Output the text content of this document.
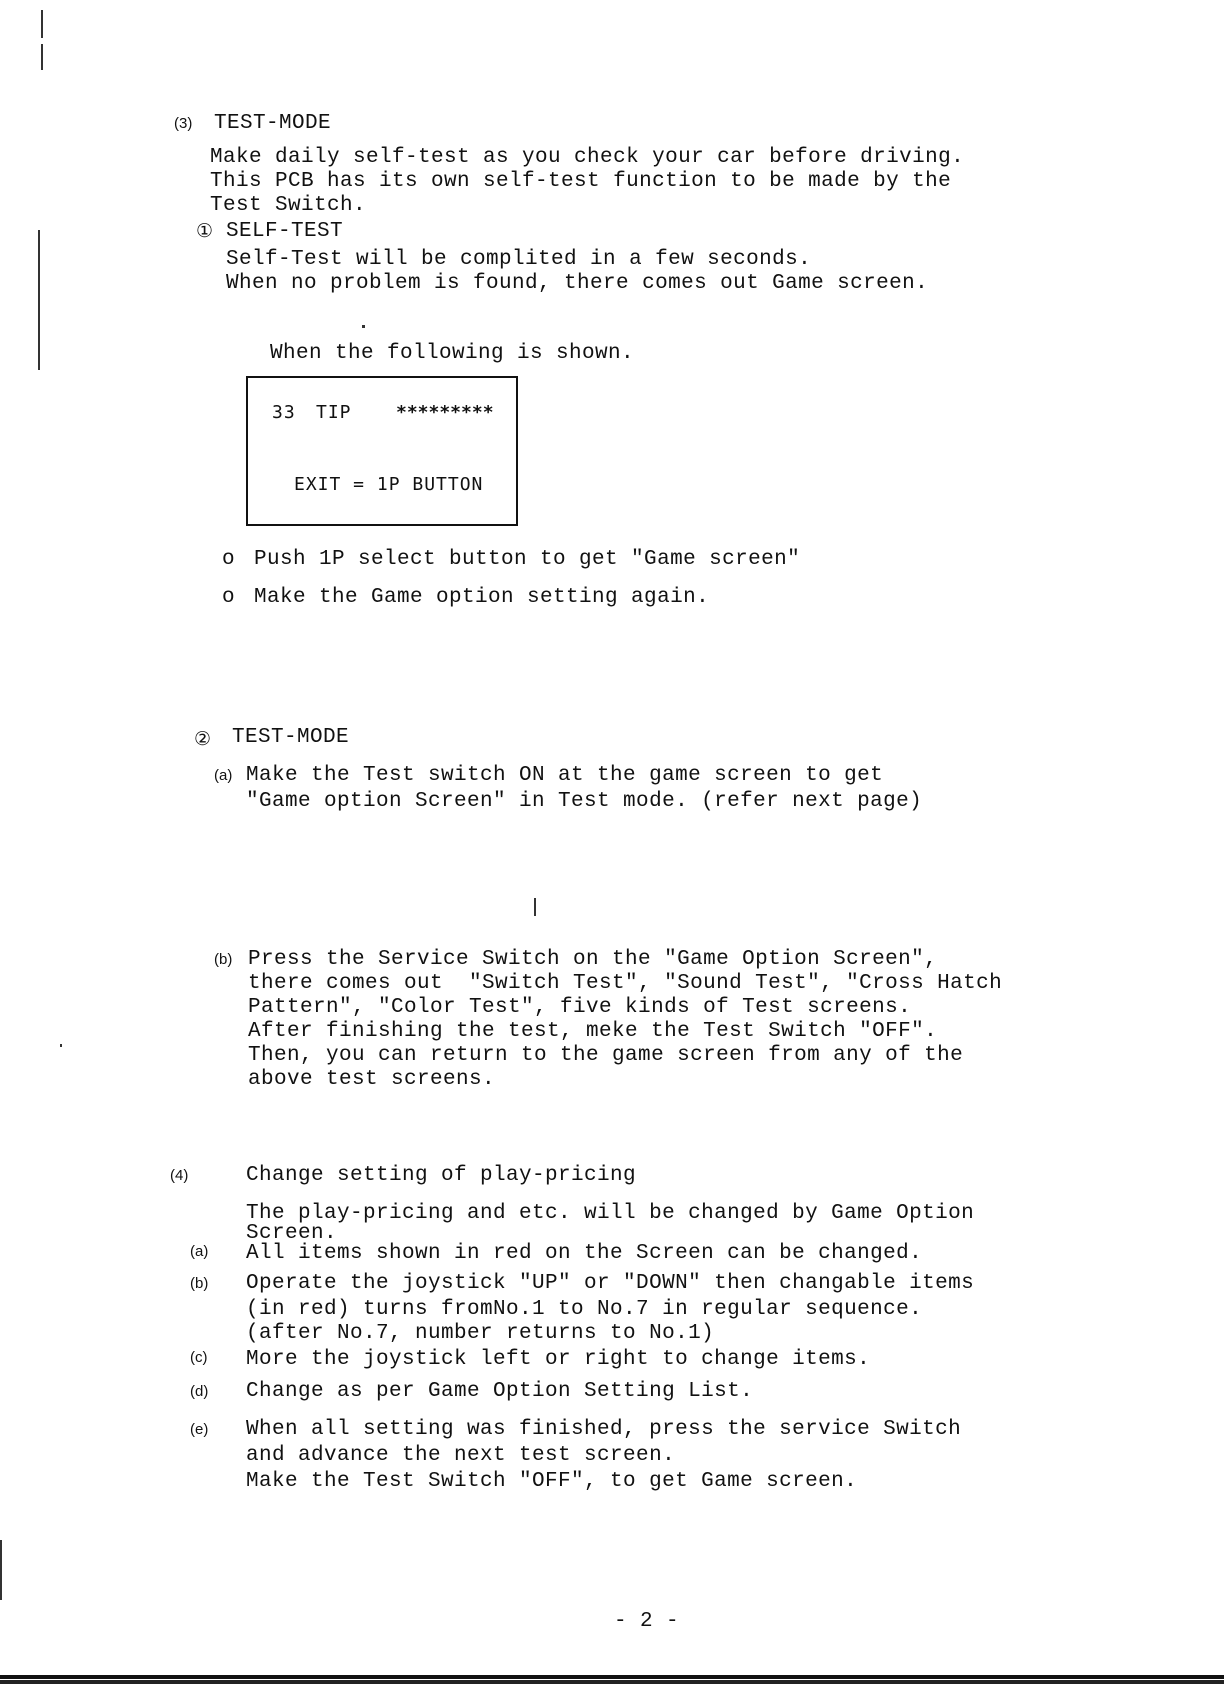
(3) TEST-MODE
Make daily self-test as you check your car before driving.
This PCB has its own self-test function to be made by the
Test Switch.
① SELF-TEST
Self-Test will be complited in a few seconds.
When no problem is found, there comes out Game screen.
When the following is shown.
33 TIP *********
EXIT = 1P BUTTON
o Push 1P select button to get "Game screen"
o Make the Game option setting again.
② TEST-MODE
(a) Make the Test switch ON at the game screen to get
"Game option Screen" in Test mode. (refer next page)
(b) Press the Service Switch on the "Game Option Screen",
there comes out  "Switch Test", "Sound Test", "Cross Hatch
Pattern", "Color Test", five kinds of Test screens.
After finishing the test, meke the Test Switch "OFF".
Then, you can return to the game screen from any of the
above test screens.
(4)	Change setting of play-pricing
The play-pricing and etc. will be changed by Game Option
Screen.
(a) All items shown in red on the Screen can be changed.
(b) Operate the joystick "UP" or "DOWN" then changable items
(in red) turns fromNo.1 to No.7 in regular sequence.
(after No.7, number returns to No.1)
(c) More the joystick left or right to change items.
(d) Change as per Game Option Setting List.
(e) When all setting was finished, press the service Switch
and advance the next test screen.
Make the Test Switch "OFF", to get Game screen.
- 2 -
